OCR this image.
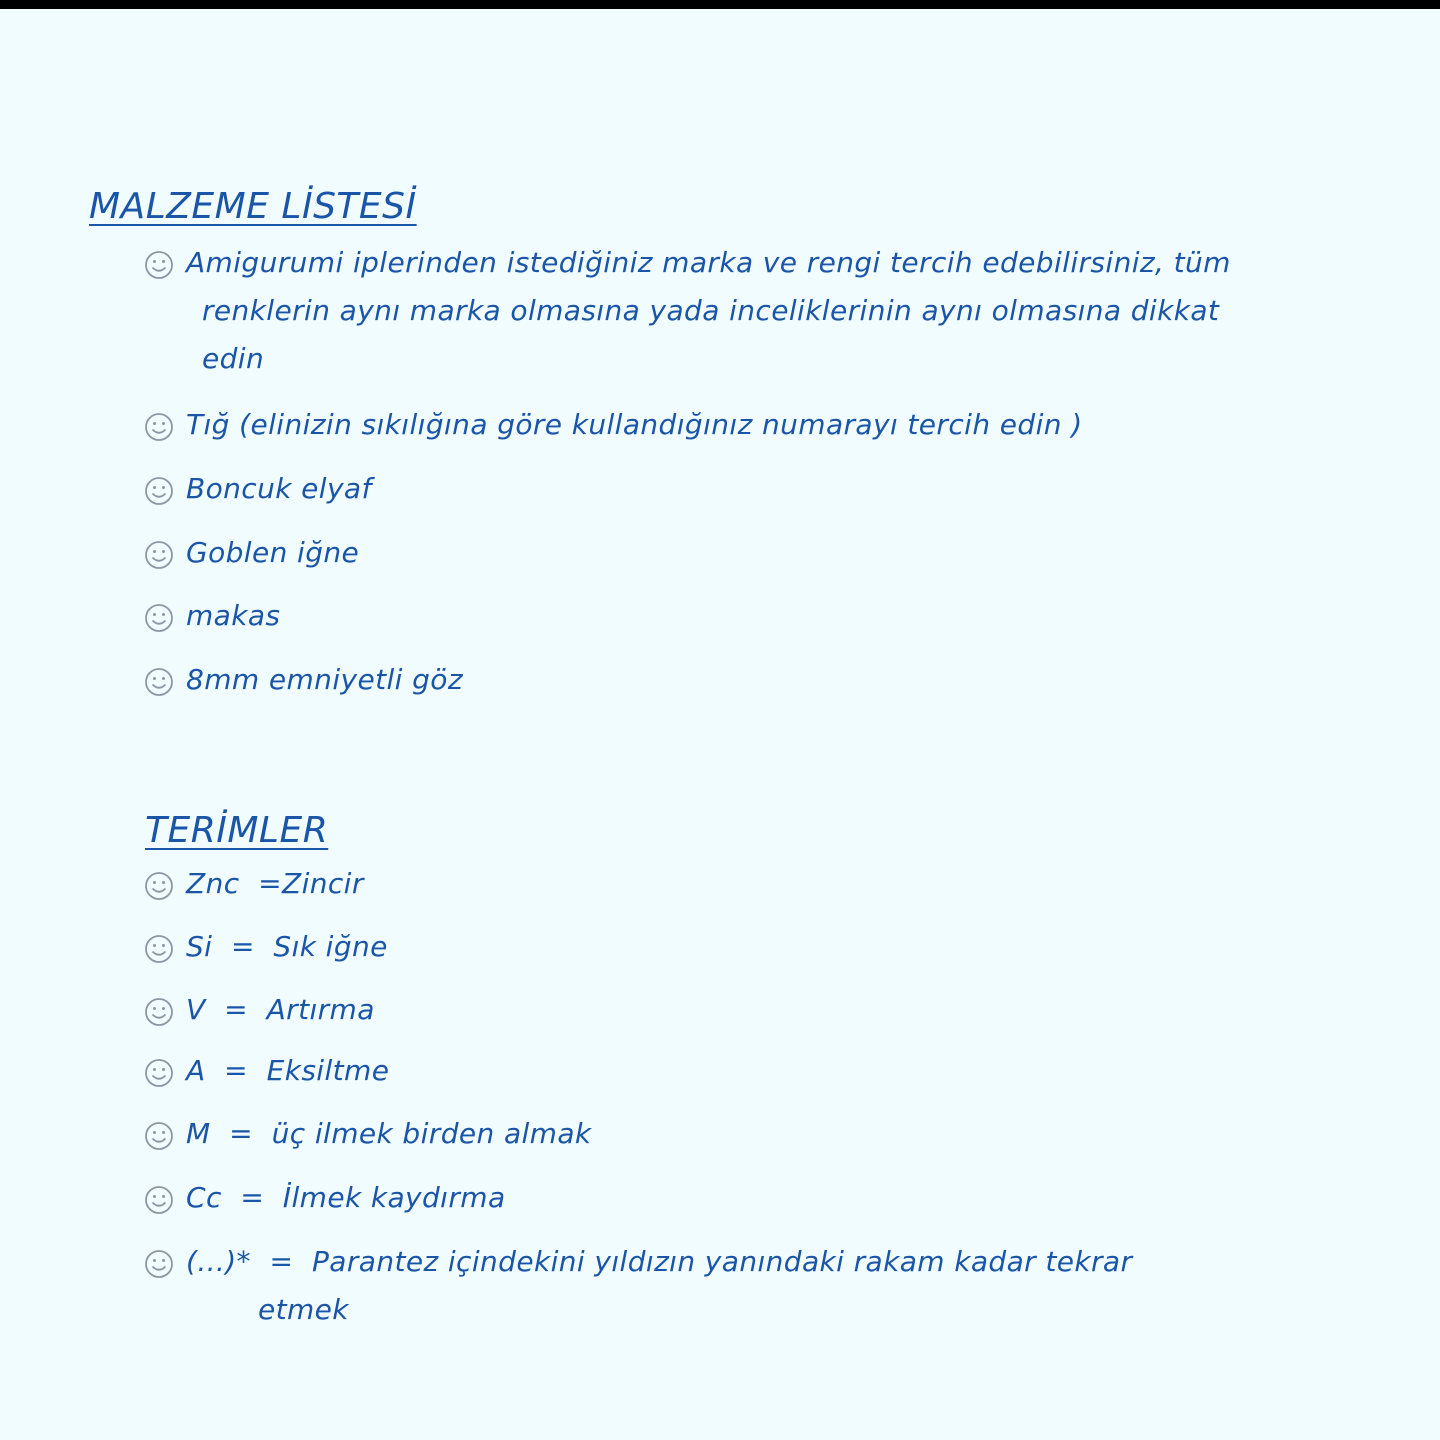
MALZEME LİSTESİ
Amigurumi iplerinden istediğiniz marka ve rengi tercih edebilirsiniz, tüm
renklerin aynı marka olmasına yada inceliklerinin aynı olmasına dikkat
edin
Tığ (elinizin sıkılığına göre kullandığınız numarayı tercih edin )
Boncuk elyaf
Goblen iğne
makas
8mm emniyetli göz
TERİMLER
Znc  =Zincir
Si  =  Sık iğne
V  =  Artırma
A  =  Eksiltme
M  =  üç ilmek birden almak
Cc  =  İlmek kaydırma
(...)*  =  Parantez içindekini yıldızın yanındaki rakam kadar tekrar
etmek
